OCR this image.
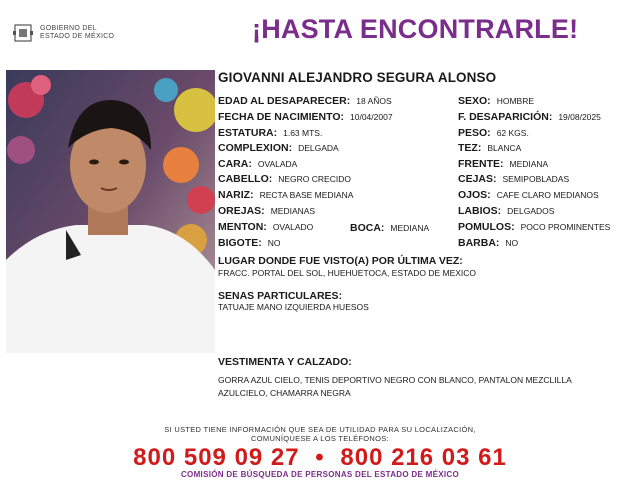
GOBIERNO DEL
ESTADO DE MÉXICO	¡HASTA ENCONTRARLE!
GIOVANNI ALEJANDRO SEGURA ALONSO
EDAD AL DESAPARECER: 18 AÑOS
FECHA DE NACIMIENTO: 10/04/2007
ESTATURA: 1.63 MTS.
COMPLEXION: DELGADA
CARA: OVALADA
CABELLO: NEGRO CRECIDO
NARIZ: RECTA BASE MEDIANA
OREJAS: MEDIANAS
MENTON: OVALADO	BOCA: MEDIANA
BIGOTE: NO
SEXO: HOMBRE
F. DESAPARICIÓN: 19/08/2025
PESO: 62 KGS.
TEZ: BLANCA
FRENTE: MEDIANA
CEJAS: SEMIPOBLADAS
OJOS: CAFE CLARO MEDIANOS
LABIOS: DELGADOS
POMULOS: POCO PROMINENTES
BARBA: NO
LUGAR DONDE FUE VISTO(A) POR ÚLTIMA VEZ:
FRACC. PORTAL DEL SOL, HUEHUETOCA, ESTADO DE MEXICO
SENAS PARTICULARES:
TATUAJE MANO IZQUIERDA HUESOS
VESTIMENTA Y CALZADO:
GORRA AZUL CIELO, TENIS DEPORTIVO NEGRO CON BLANCO, PANTALON MEZCLILLA
AZULCIELO, CHAMARRA NEGRA
SI USTED TIENE INFORMACIÓN QUE SEA DE UTILIDAD PARA SU LOCALIZACIÓN,
COMUNÍQUESE A LOS TELÉFONOS:
800 509 09 27 • 800 216 03 61
COMISIÓN DE BÚSQUEDA DE PERSONAS DEL ESTADO DE MÉXICO
